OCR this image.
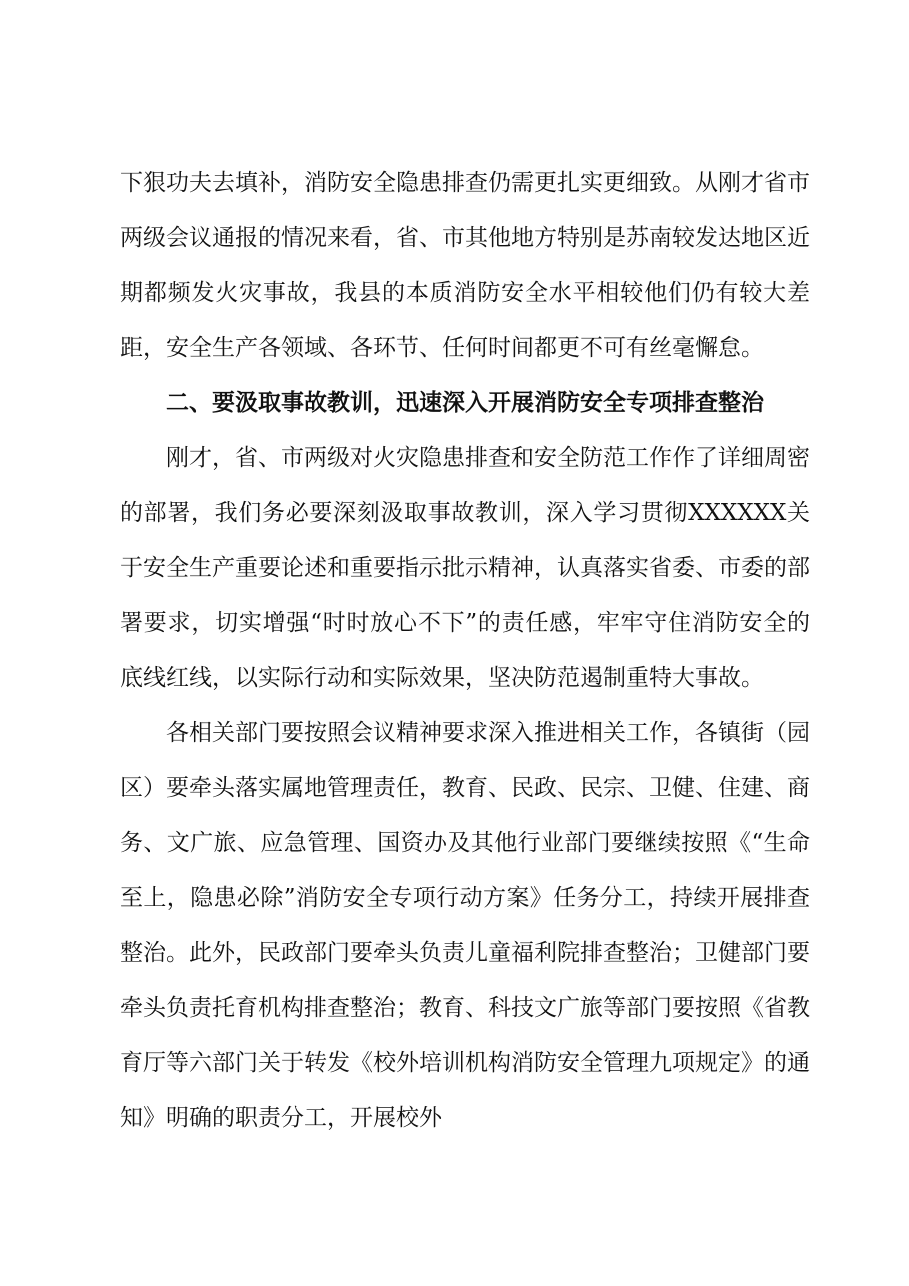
下狠功夫去填补，消防安全隐患排查仍需更扎实更细致。从刚才省市两级会议通报的情况来看，省、市其他地方特别是苏南较发达地区近期都频发火灾事故，我县的本质消防安全水平相较他们仍有较大差距，安全生产各领域、各环节、任何时间都更不可有丝毫懈怠。

二、要汲取事故教训，迅速深入开展消防安全专项排查整治

刚才，省、市两级对火灾隐患排查和安全防范工作作了详细周密的部署，我们务必要深刻汲取事故教训，深入学习贯彻XXXXXX关于安全生产重要论述和重要指示批示精神，认真落实省委、市委的部署要求，切实增强“时时放心不下”的责任感，牢牢守住消防安全的底线红线，以实际行动和实际效果，坚决防范遏制重特大事故。

各相关部门要按照会议精神要求深入推进相关工作，各镇街（园区）要牵头落实属地管理责任，教育、民政、民宗、卫健、住建、商务、文广旅、应急管理、国资办及其他行业部门要继续按照《“生命至上，隐患必除”消防安全专项行动方案》任务分工，持续开展排查整治。此外，民政部门要牵头负责儿童福利院排查整治；卫健部门要牵头负责托育机构排查整治；教育、科技文广旅等部门要按照《省教育厅等六部门关于转发《校外培训机构消防安全管理九项规定》的通知》明确的职责分工，开展校外
